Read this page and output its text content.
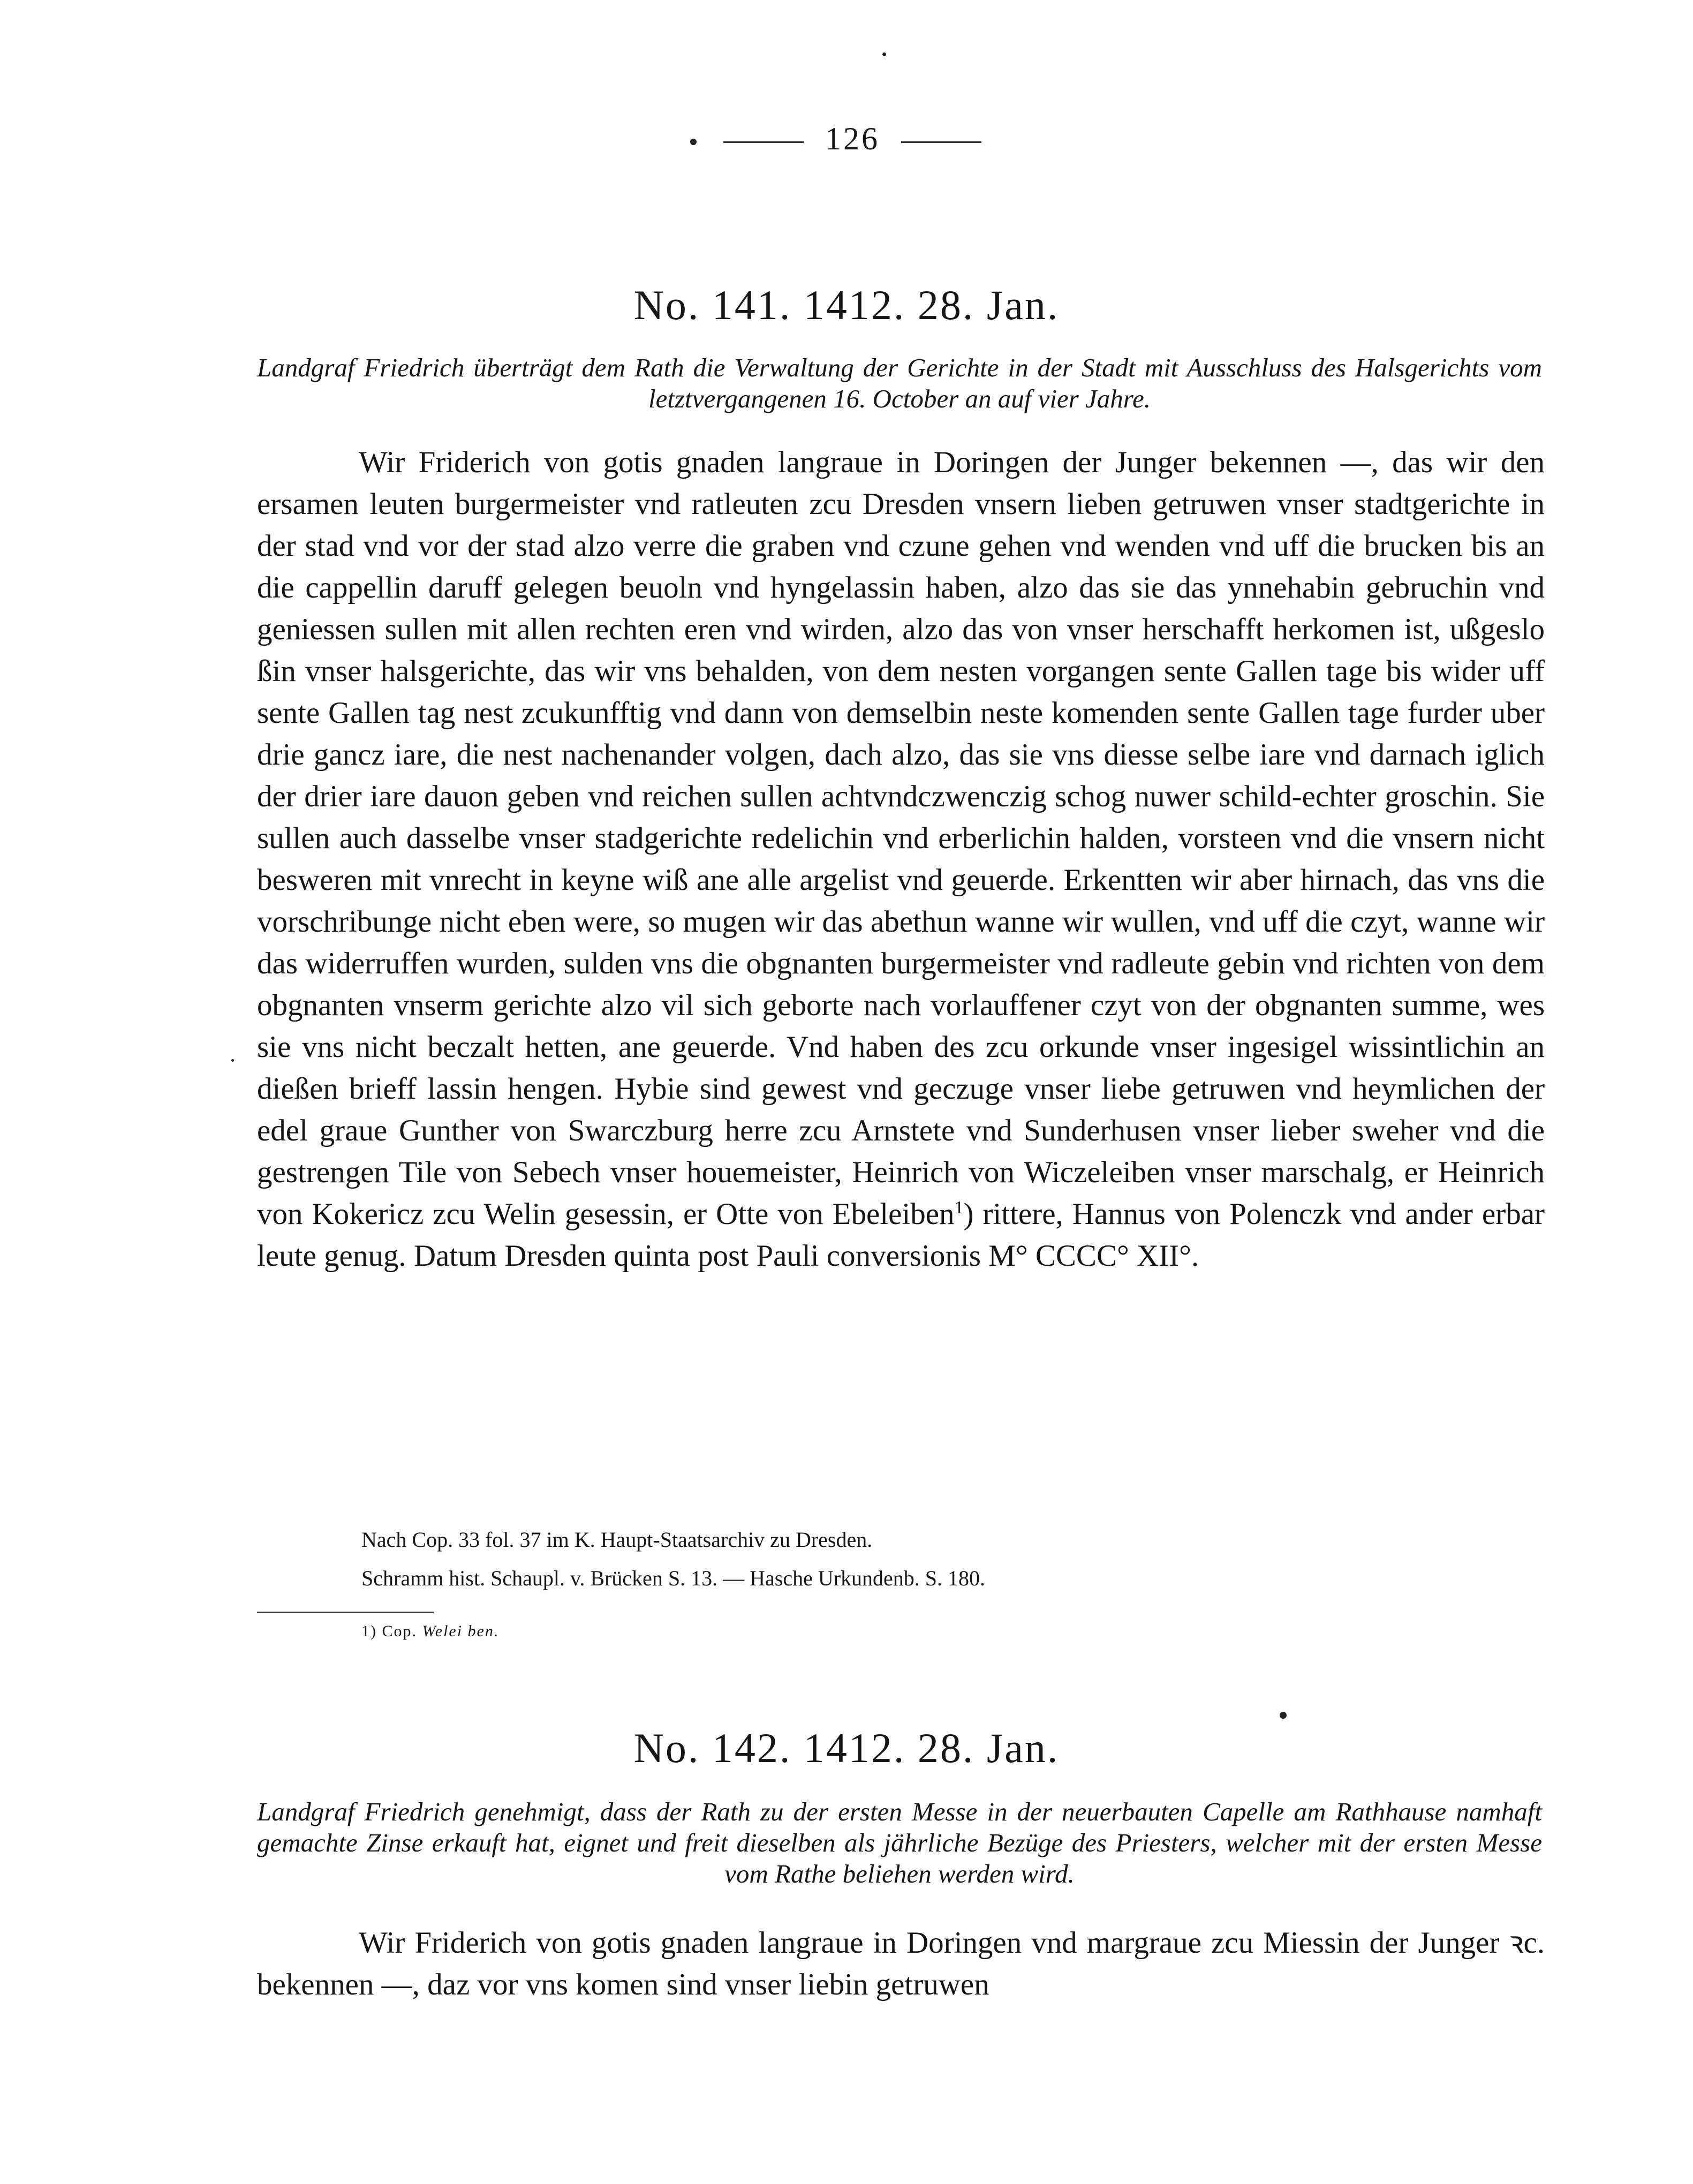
126
No. 141. 1412. 28. Jan.
Landgraf Friedrich überträgt dem Rath die Verwaltung der Gerichte in der Stadt mit Ausschluss des Halsgerichts vom letztvergangenen 16. October an auf vier Jahre.

Wir Friderich von gotis gnaden langraue in Doringen der Junger bekennen —, das wir den ersamen leuten burgermeister vnd ratleuten zcu Dresden vnsern lieben getruwen vnser stadtgerichte in der stad vnd vor der stad alzo verre die graben vnd czune gehen vnd wenden vnd uff die brucken bis an die cappellin daruff gelegen beuoln vnd hyngelassin haben, alzo das sie das ynnehabin gebruchin vnd geniessen sullen mit allen rechten eren vnd wirden, alzo das von vnser herschafft herkomen ist, ußgeslo ßin vnser halsgerichte, das wir vns behalden, von dem nesten vorgangen sente Gallen tage bis wider uff sente Gallen tag nest zcukunfftig vnd dann von demselbin neste komenden sente Gallen tage furder uber drie gancz iare, die nest nachenander volgen, dach alzo, das sie vns diesse selbe iare vnd darnach iglich der drier iare dauon geben vnd reichen sullen achtvndczwenczig schog nuwer schild-echter groschin. Sie sullen auch dasselbe vnser stadgerichte redelichin vnd erberlichin halden, vorsteen vnd die vnsern nicht besweren mit vnrecht in keyne wiß ane alle argelist vnd geuerde. Erkentten wir aber hirnach, das vns die vorschribunge nicht eben were, so mugen wir das abethun wanne wir wullen, vnd uff die czyt, wanne wir das widerruffen wurden, sulden vns die obgnanten burgermeister vnd radleute gebin vnd richten von dem obgnanten vnserm gerichte alzo vil sich geborte nach vorlauffener czyt von der obgnanten summe, wes sie vns nicht beczalt hetten, ane geuerde. Vnd haben des zcu orkunde vnser ingesigel wissintlichin an dießen brieff lassin hengen. Hybie sind gewest vnd geczuge vnser liebe getruwen vnd heymlichen der edel graue Gunther von Swarczburg herre zcu Arnstete vnd Sunderhusen vnser lieber sweher vnd die gestrengen Tile von Sebech vnser houemeister, Heinrich von Wiczeleiben vnser marschalg, er Heinrich von Kokericz zcu Welin gesessin, er Otte von Ebeleiben$^1$) rittere, Hannus von Polenczk vnd ander erbar leute genug. Datum Dresden quinta post Pauli conversionis M° CCCC° XII°.

Nach Cop. 33 fol. 37 im K. Haupt-Staatsarchiv zu Dresden.
Schramm hist. Schaupl. v. Brücken S. 13. — Hasche Urkundenb. S. 180.
1) Cop. Welei ben.
No. 142. 1412. 28. Jan.
Landgraf Friedrich genehmigt, dass der Rath zu der ersten Messe in der neuerbauten Capelle am Rathhause namhaft gemachte Zinse erkauft hat, eignet und freit dieselben als jährliche Bezüge des Priesters, welcher mit der ersten Messe vom Rathe beliehen werden wird.

Wir Friderich von gotis gnaden langraue in Doringen vnd margraue zcu Miessin der Junger ꝛc. bekennen —, daz vor vns komen sind vnser liebin getruwen
